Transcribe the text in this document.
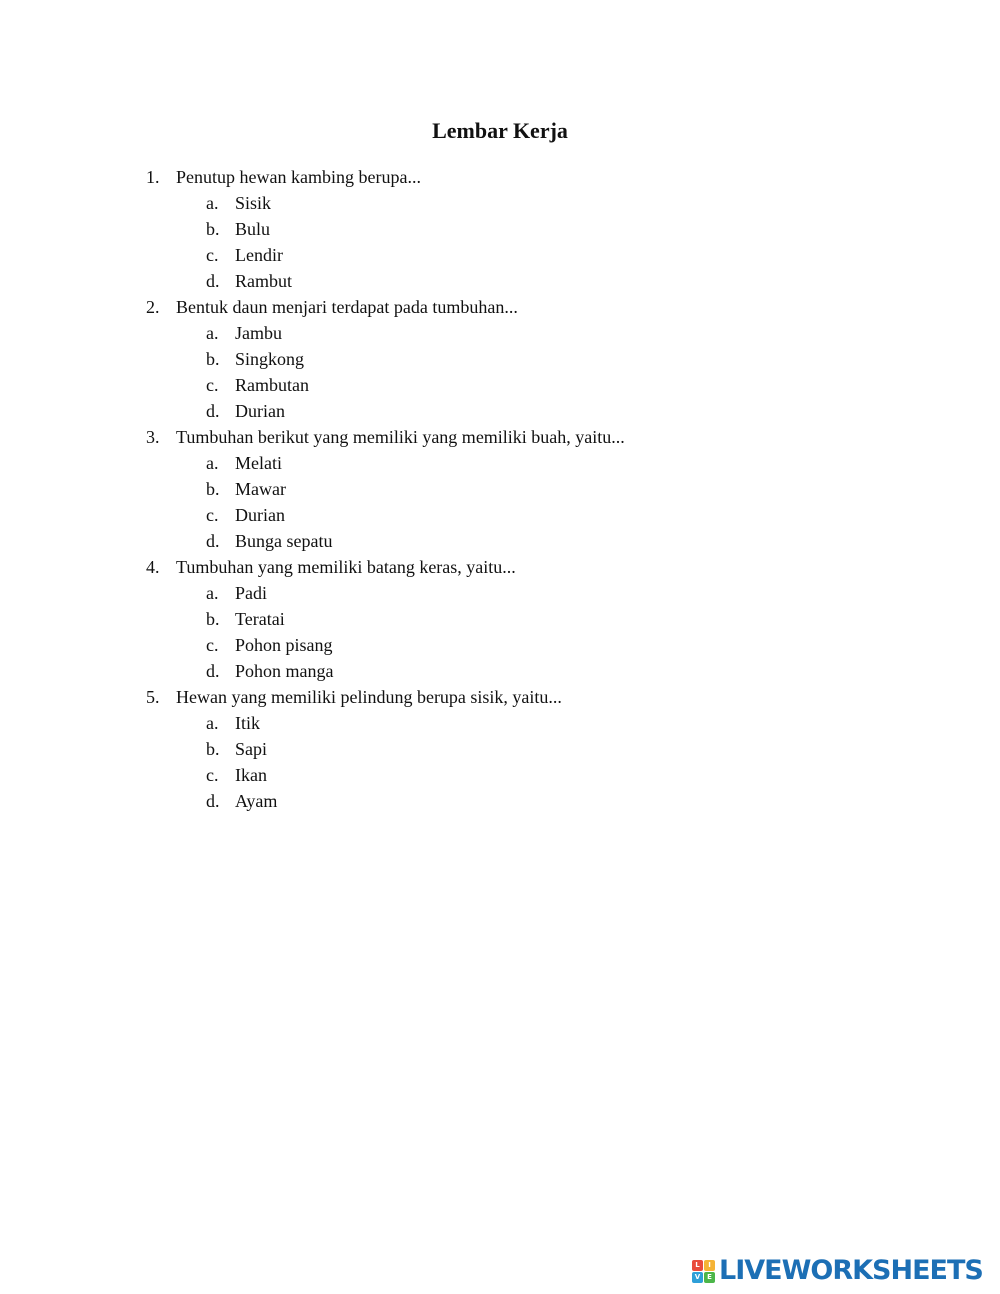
Lembar Kerja
1. Penutup hewan kambing berupa...
a. Sisik
b. Bulu
c. Lendir
d. Rambut
2. Bentuk daun menjari terdapat pada tumbuhan...
a. Jambu
b. Singkong
c. Rambutan
d. Durian
3. Tumbuhan berikut yang memiliki yang memiliki buah, yaitu...
a. Melati
b. Mawar
c. Durian
d. Bunga sepatu
4. Tumbuhan yang memiliki batang keras, yaitu...
a. Padi
b. Teratai
c. Pohon pisang
d. Pohon manga
5. Hewan yang memiliki pelindung berupa sisik, yaitu...
a. Itik
b. Sapi
c. Ikan
d. Ayam
L	I
V E LIVEWORKSHEETS
